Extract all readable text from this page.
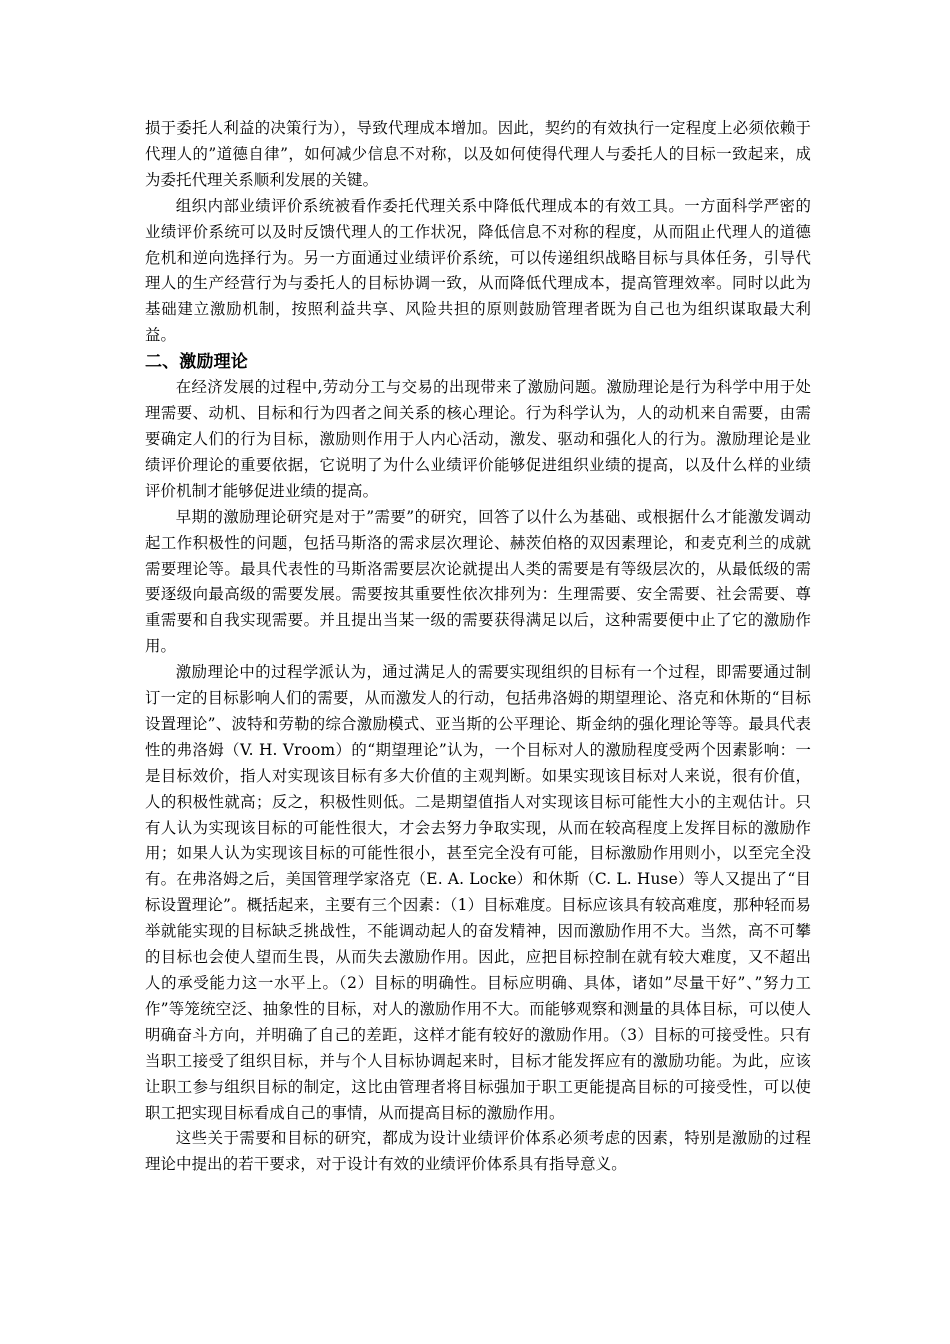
损于委托人利益的决策行为），导致代理成本增加。因此，契约的有效执行一定程度上必须依赖于代理人的”道德自律”，如何减少信息不对称，以及如何使得代理人与委托人的目标一致起来，成为委托代理关系顺利发展的关键。

组织内部业绩评价系统被看作委托代理关系中降低代理成本的有效工具。一方面科学严密的业绩评价系统可以及时反馈代理人的工作状况，降低信息不对称的程度，从而阻止代理人的道德危机和逆向选择行为。另一方面通过业绩评价系统，可以传递组织战略目标与具体任务，引导代理人的生产经营行为与委托人的目标协调一致，从而降低代理成本，提高管理效率。同时以此为基础建立激励机制，按照利益共享、风险共担的原则鼓励管理者既为自己也为组织谋取最大利益。

二、激励理论

在经济发展的过程中,劳动分工与交易的出现带来了激励问题。激励理论是行为科学中用于处理需要、动机、目标和行为四者之间关系的核心理论。行为科学认为，人的动机来自需要，由需要确定人们的行为目标，激励则作用于人内心活动，激发、驱动和强化人的行为。激励理论是业绩评价理论的重要依据，它说明了为什么业绩评价能够促进组织业绩的提高，以及什么样的业绩评价机制才能够促进业绩的提高。

早期的激励理论研究是对于”需要”的研究，回答了以什么为基础、或根据什么才能激发调动起工作积极性的问题，包括马斯洛的需求层次理论、赫茨伯格的双因素理论，和麦克利兰的成就需要理论等。最具代表性的马斯洛需要层次论就提出人类的需要是有等级层次的，从最低级的需要逐级向最高级的需要发展。需要按其重要性依次排列为：生理需要、安全需要、社会需要、尊重需要和自我实现需要。并且提出当某一级的需要获得满足以后，这种需要便中止了它的激励作用。

激励理论中的过程学派认为，通过满足人的需要实现组织的目标有一个过程，即需要通过制订一定的目标影响人们的需要，从而激发人的行动，包括弗洛姆的期望理论、洛克和休斯的“目标设置理论”、波特和劳勒的综合激励模式、亚当斯的公平理论、斯金纳的强化理论等等。最具代表性的弗洛姆（V. H. Vroom）的“期望理论”认为，一个目标对人的激励程度受两个因素影响：一是目标效价，指人对实现该目标有多大价值的主观判断。如果实现该目标对人来说，很有价值，人的积极性就高；反之，积极性则低。二是期望值指人对实现该目标可能性大小的主观估计。只有人认为实现该目标的可能性很大，才会去努力争取实现，从而在较高程度上发挥目标的激励作用；如果人认为实现该目标的可能性很小，甚至完全没有可能，目标激励作用则小，以至完全没有。在弗洛姆之后，美国管理学家洛克（E. A. Locke）和休斯（C. L. Huse）等人又提出了“目标设置理论”。概括起来，主要有三个因素：（1）目标难度。目标应该具有较高难度，那种轻而易举就能实现的目标缺乏挑战性，不能调动起人的奋发精神，因而激励作用不大。当然，高不可攀的目标也会使人望而生畏，从而失去激励作用。因此，应把目标控制在就有较大难度，又不超出人的承受能力这一水平上。（2）目标的明确性。目标应明确、具体，诸如”尽量干好”、”努力工作”等笼统空泛、抽象性的目标，对人的激励作用不大。而能够观察和测量的具体目标，可以使人明确奋斗方向，并明确了自己的差距，这样才能有较好的激励作用。（3）目标的可接受性。只有当职工接受了组织目标，并与个人目标协调起来时，目标才能发挥应有的激励功能。为此，应该让职工参与组织目标的制定，这比由管理者将目标强加于职工更能提高目标的可接受性，可以使职工把实现目标看成自己的事情，从而提高目标的激励作用。

这些关于需要和目标的研究，都成为设计业绩评价体系必须考虑的因素，特别是激励的过程理论中提出的若干要求，对于设计有效的业绩评价体系具有指导意义。
